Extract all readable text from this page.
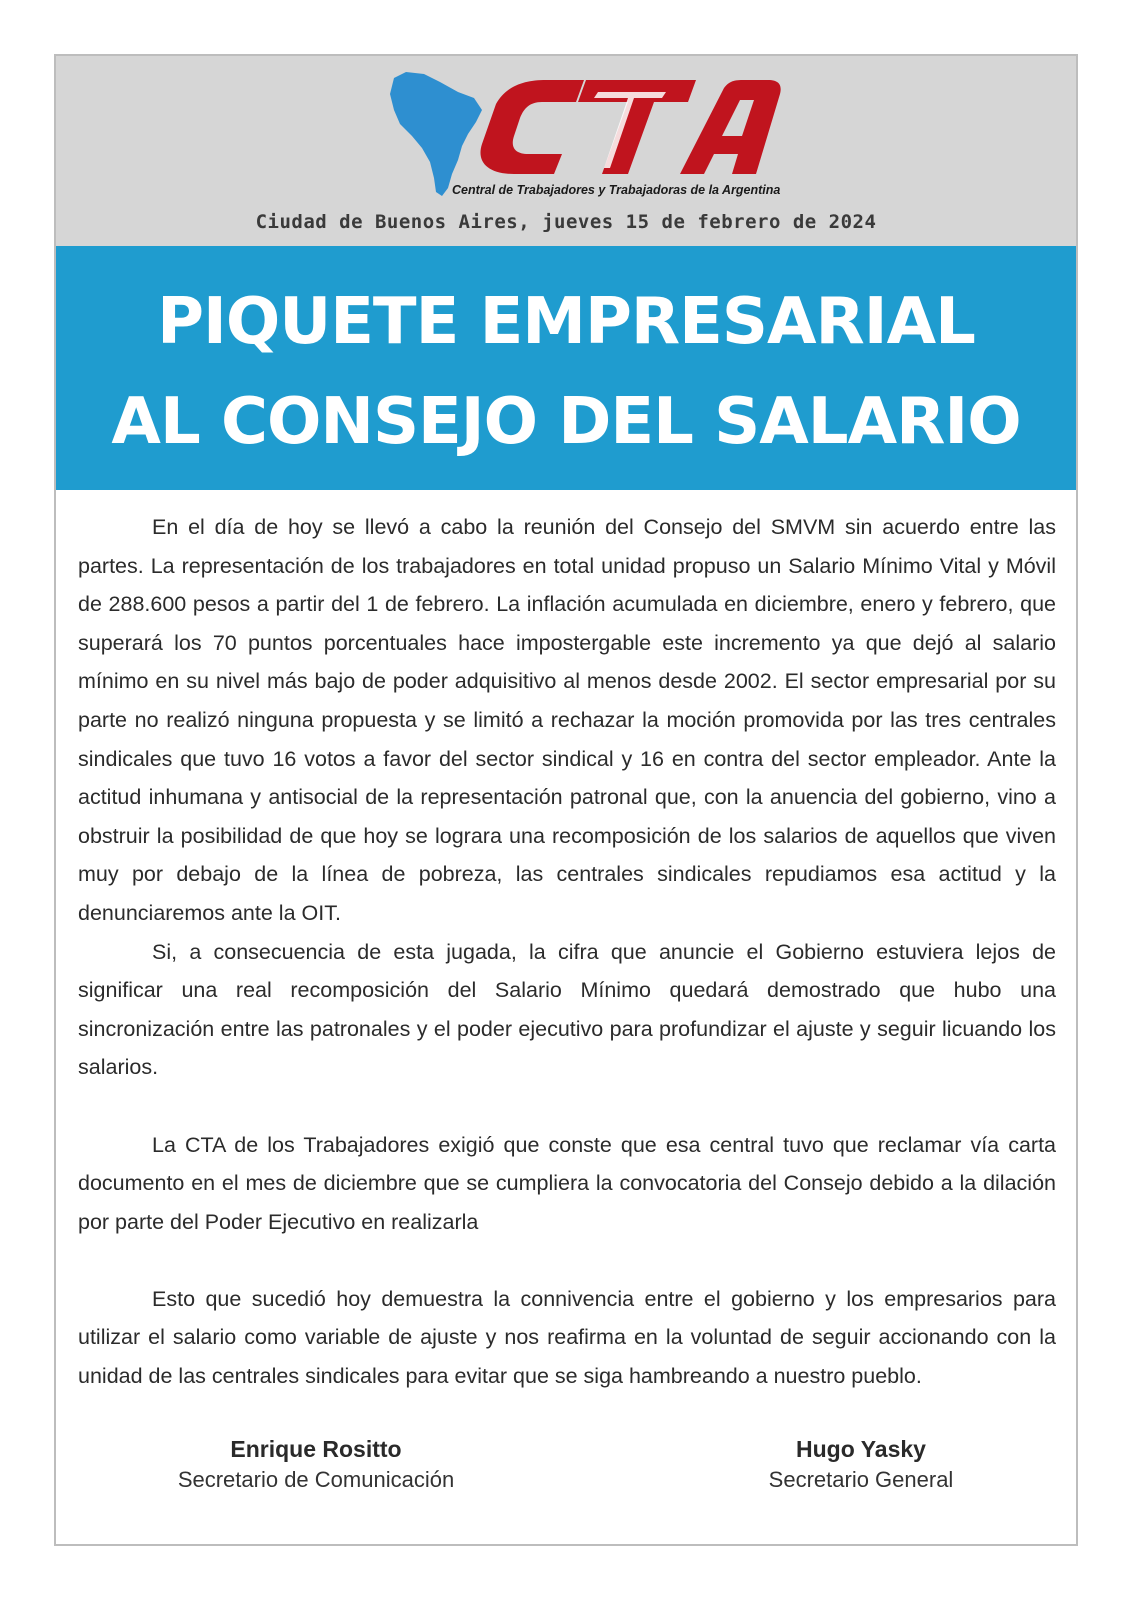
Central de Trabajadores y Trabajadoras de la Argentina
Ciudad de Buenos Aires, jueves 15 de febrero de 2024
PIQUETE EMPRESARIAL
AL CONSEJO DEL SALARIO

En el día de hoy se llevó a cabo la reunión del Consejo del SMVM sin acuerdo entre las partes. La representación de los trabajadores en total unidad propuso un Salario Mínimo Vital y Móvil de 288.600 pesos a partir del 1 de febrero. La inflación acumulada en diciembre, enero y febrero, que superará los 70 puntos porcentuales hace impostergable este incremento ya que dejó al salario mínimo en su nivel más bajo de poder adquisitivo al menos desde 2002. El sector empresarial por su parte no realizó ninguna propuesta y se limitó a rechazar la moción promovida por las tres centrales sindicales que tuvo 16 votos a favor del sector sindical y 16 en contra del sector empleador. Ante la actitud inhumana y antisocial de la representación patronal que, con la anuencia del gobierno, vino a obstruir la posibilidad de que hoy se lograra una recomposición de los salarios de aquellos que viven muy por debajo de la línea de pobreza, las centrales sindicales repudiamos esa actitud y la denunciaremos ante la OIT.

Si, a consecuencia de esta jugada, la cifra que anuncie el Gobierno estuviera lejos de significar una real recomposición del Salario Mínimo quedará demostrado que hubo una sincronización entre las patronales y el poder ejecutivo para profundizar el ajuste y seguir licuando los salarios.

La CTA de los Trabajadores exigió que conste que esa central tuvo que reclamar vía carta documento en el mes de diciembre que se cumpliera la convocatoria del Consejo debido a la dilación por parte del Poder Ejecutivo en realizarla

Esto que sucedió hoy demuestra la connivencia entre el gobierno y los empresarios para utilizar el salario como variable de ajuste y nos reafirma en la voluntad de seguir accionando con la unidad de las centrales sindicales para evitar que se siga hambreando a nuestro pueblo.

Enrique Rositto
Secretario de Comunicación
Hugo Yasky
Secretario General
